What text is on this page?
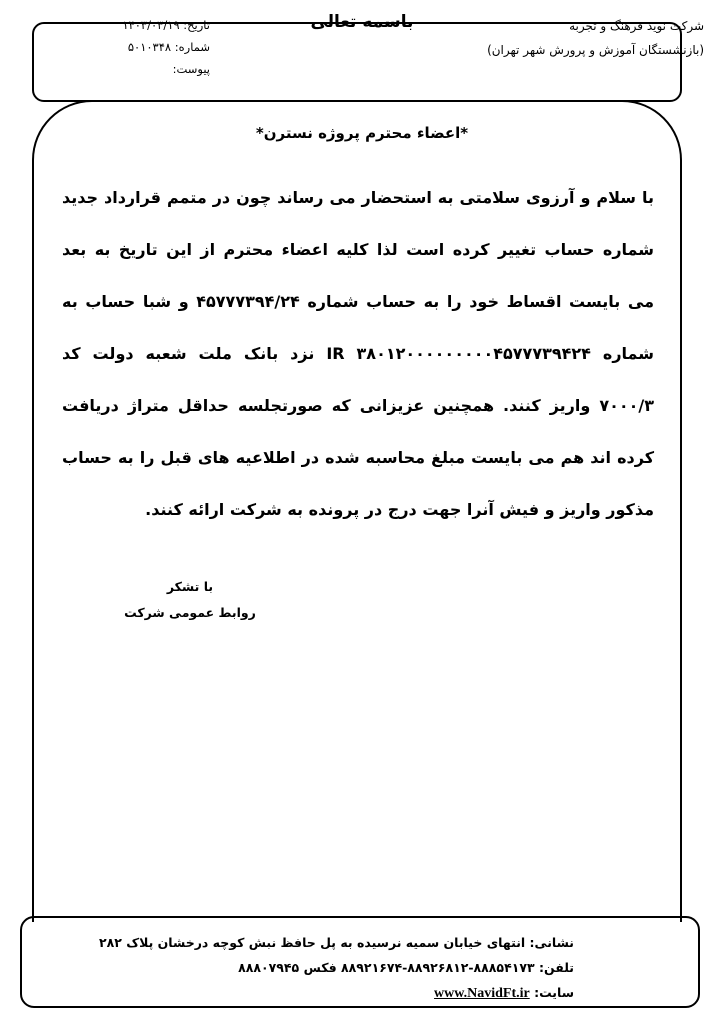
شرکت نوید فرهنگ و تجربه
(بازنشستگان آموزش و پرورش شهر تهران)
باسمه تعالی
تاریخ: ۱۴۰۳/۰۳/۱۹
شماره: ۵۰۱۰۳۴۸
پیوست:
*اعضاء محترم پروژه نسترن*
با سلام و آرزوی سلامتی به استحضار می رساند چون در متمم قرارداد جدید
شماره حساب تغییر کرده است لذا کلیه اعضاء محترم از این تاریخ به بعد
می بایست اقساط خود را به حساب شماره ۴۵۷۷۷۳۹۴/۲۴ و شبا حساب به
شماره IR ۳۸۰۱۲۰۰۰۰۰۰۰۰۰۴۵۷۷۷۳۹۴۲۴ نزد بانک ملت شعبه دولت کد
۷۰۰۰/۳ واریز کنند. همچنین عزیزانی که صورتجلسه حداقل متراژ دریافت
کرده اند هم می بایست مبلغ محاسبه شده در اطلاعیه های قبل را به حساب
مذکور واریز و فیش آنرا جهت درج در پرونده به شرکت ارائه کنند.
با تشکر
روابط عمومی شرکت
نشانی: انتهای خیابان سمیه نرسیده به پل حافظ نبش کوچه درخشان پلاک ۲۸۲
تلفن: ۸۸۸۵۴۱۷۳-۸۸۹۲۶۸۱۲-۸۸۹۲۱۶۷۴ فکس ۸۸۸۰۷۹۴۵
سایت: www.NavidFt.ir
